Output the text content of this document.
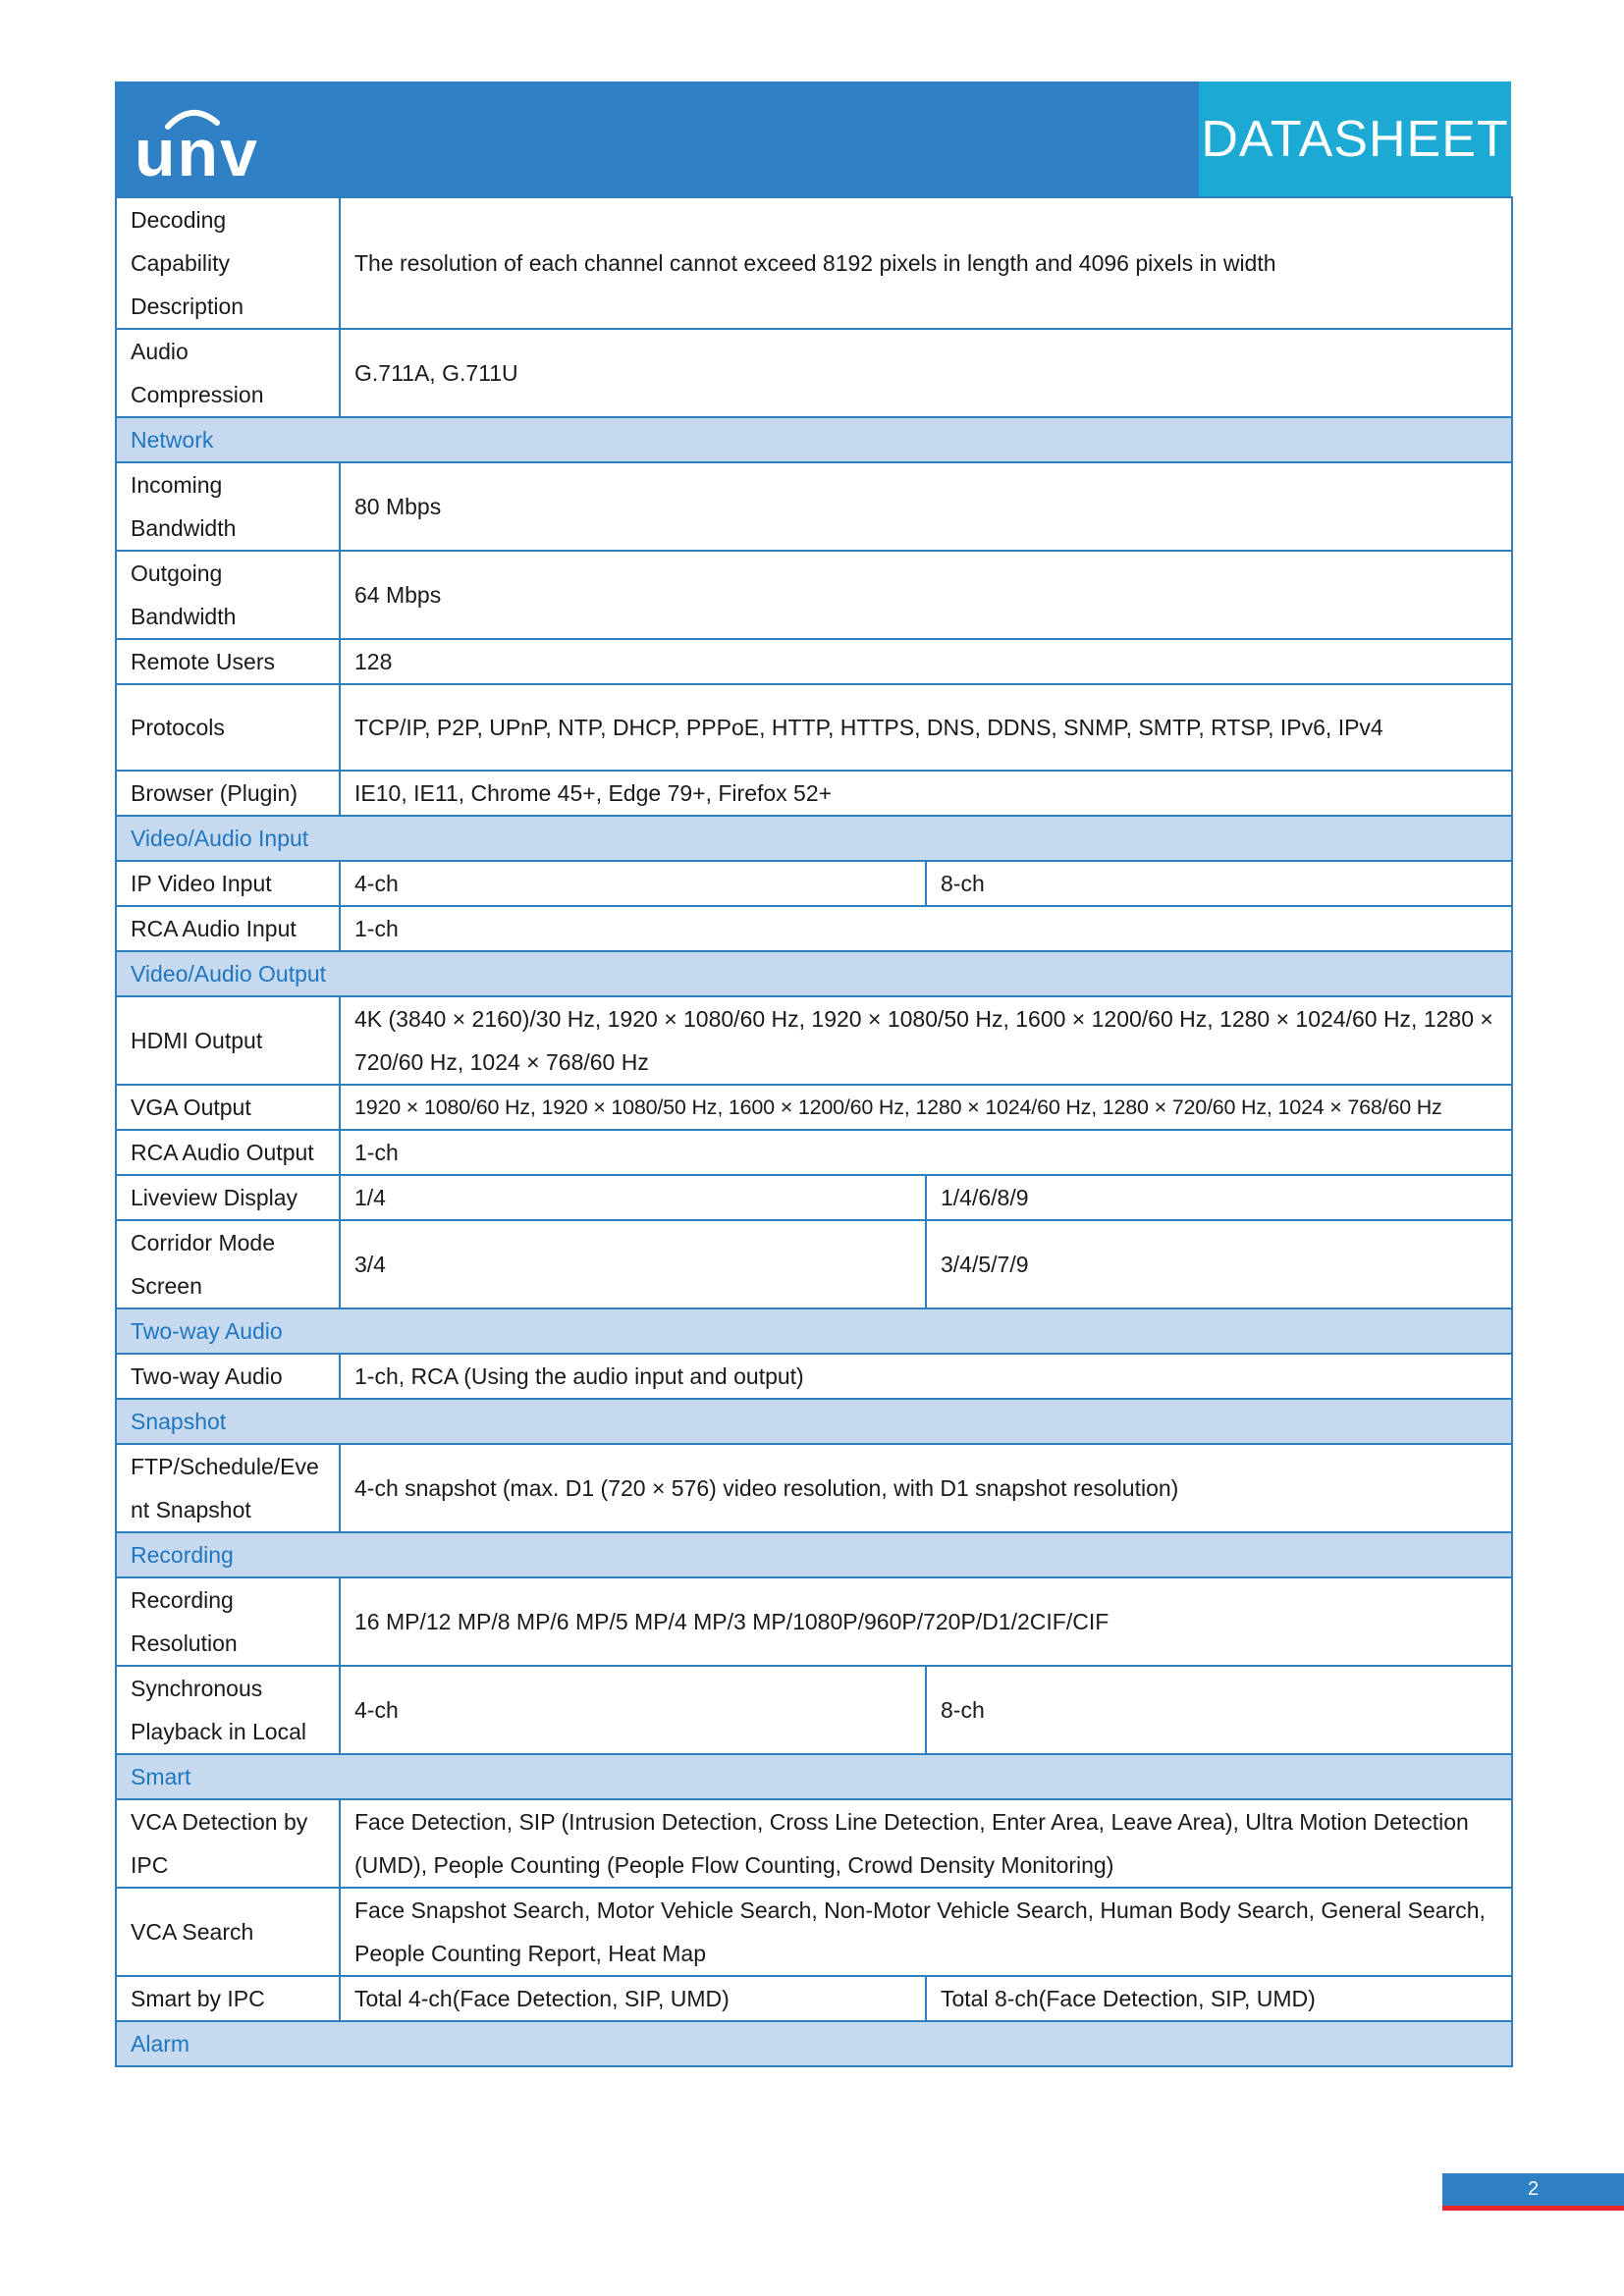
unv	DATASHEET
Decoding Capability Description	The resolution of each channel cannot exceed 8192 pixels in length and 4096 pixels in width	
Audio Compression	G.711A, G.711U	
Network		
Incoming Bandwidth	80 Mbps	
Outgoing Bandwidth	64 Mbps	
Remote Users	128	
Protocols	TCP/IP, P2P, UPnP, NTP, DHCP, PPPoE, HTTP, HTTPS, DNS, DDNS, SNMP, SMTP, RTSP, IPv6, IPv4	
Browser (Plugin)	IE10, IE11, Chrome 45+, Edge 79+, Firefox 52+	
Video/Audio Input		
IP Video Input	4-ch	8-ch
RCA Audio Input	1-ch	
Video/Audio Output		
HDMI Output	4K (3840 × 2160)/30 Hz, 1920 × 1080/60 Hz, 1920 × 1080/50 Hz, 1600 × 1200/60 Hz, 1280 × 1024/60 Hz, 1280 × 720/60 Hz, 1024 × 768/60 Hz	
VGA Output	1920 × 1080/60 Hz, 1920 × 1080/50 Hz, 1600 × 1200/60 Hz, 1280 × 1024/60 Hz, 1280 × 720/60 Hz, 1024 × 768/60 Hz	
RCA Audio Output	1-ch	
Liveview Display	1/4	1/4/6/8/9
Corridor Mode Screen	3/4	3/4/5/7/9
Two-way Audio		
Two-way Audio	1-ch, RCA (Using the audio input and output)	
Snapshot		
FTP/Schedule/Event Snapshot	4-ch snapshot (max. D1 (720 × 576) video resolution, with D1 snapshot resolution)	
Recording		
Recording Resolution	16 MP/12 MP/8 MP/6 MP/5 MP/4 MP/3 MP/1080P/960P/720P/D1/2CIF/CIF	
Synchronous Playback in Local	4-ch	8-ch
Smart		
VCA Detection by IPC	Face Detection, SIP (Intrusion Detection, Cross Line Detection, Enter Area, Leave Area), Ultra Motion Detection (UMD), People Counting (People Flow Counting, Crowd Density Monitoring)	
VCA Search	Face Snapshot Search, Motor Vehicle Search, Non-Motor Vehicle Search, Human Body Search, General Search, People Counting Report, Heat Map	
Smart by IPC	Total 4-ch(Face Detection, SIP, UMD)	Total 8-ch(Face Detection, SIP, UMD)
Alarm		
2
